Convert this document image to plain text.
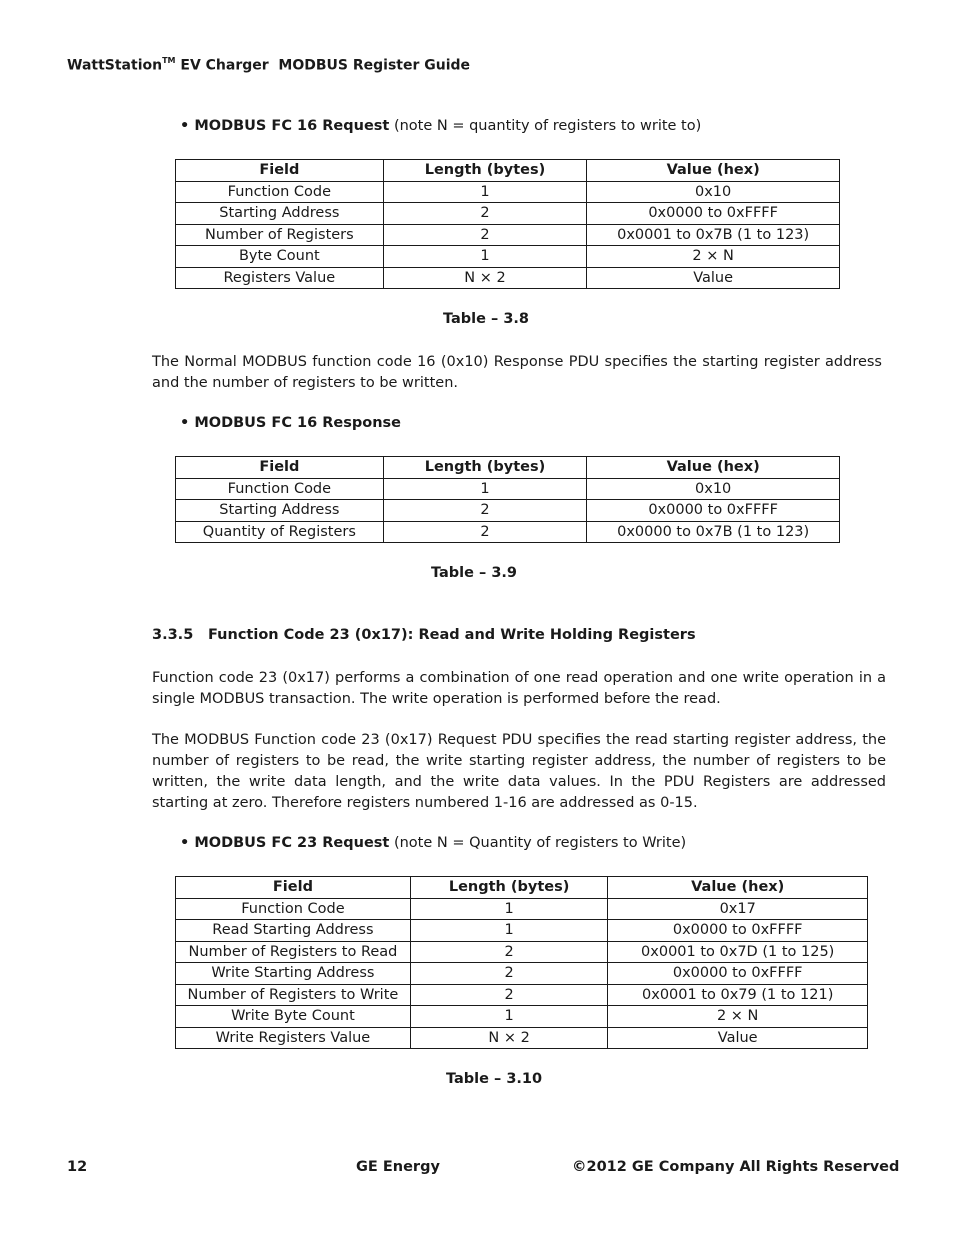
WattStation™ EV Charger  MODBUS Register Guide
• MODBUS FC 16 Request (note N = quantity of registers to write to)
Field	Length (bytes)	Value (hex)
Function Code	1	0x10
Starting Address	2	0x0000 to 0xFFFF
Number of Registers	2	0x0001 to 0x7B (1 to 123)
Byte Count	1	2 × N
Registers Value	N × 2	Value
Table – 3.8
The Normal MODBUS function code 16 (0x10) Response PDU specifies the starting register address and the number of registers to be written.
• MODBUS FC 16 Response
Field	Length (bytes)	Value (hex)
Function Code	1	0x10
Starting Address	2	0x0000 to 0xFFFF
Quantity of Registers	2	0x0000 to 0x7B (1 to 123)
Table – 3.9
3.3.5 Function Code 23 (0x17): Read and Write Holding Registers
Function code 23 (0x17) performs a combination of one read operation and one write operation in a single MODBUS transaction. The write operation is performed before the read.
The MODBUS Function code 23 (0x17) Request PDU specifies the read starting register address, the number of registers to be read, the write starting register address, the number of registers to be written, the write data length, and the write data values. In the PDU Registers are addressed starting at zero. Therefore registers numbered 1-16 are addressed as 0-15.
• MODBUS FC 23 Request (note N = Quantity of registers to Write)
Field	Length (bytes)	Value (hex)
Function Code	1	0x17
Read Starting Address	1	0x0000 to 0xFFFF
Number of Registers to Read	2	0x0001 to 0x7D (1 to 125)
Write Starting Address	2	0x0000 to 0xFFFF
Number of Registers to Write	2	0x0001 to 0x79 (1 to 121)
Write Byte Count	1	2 × N
Write Registers Value	N × 2	Value
Table – 3.10
12	GE Energy	©2012 GE Company All Rights Reserved
